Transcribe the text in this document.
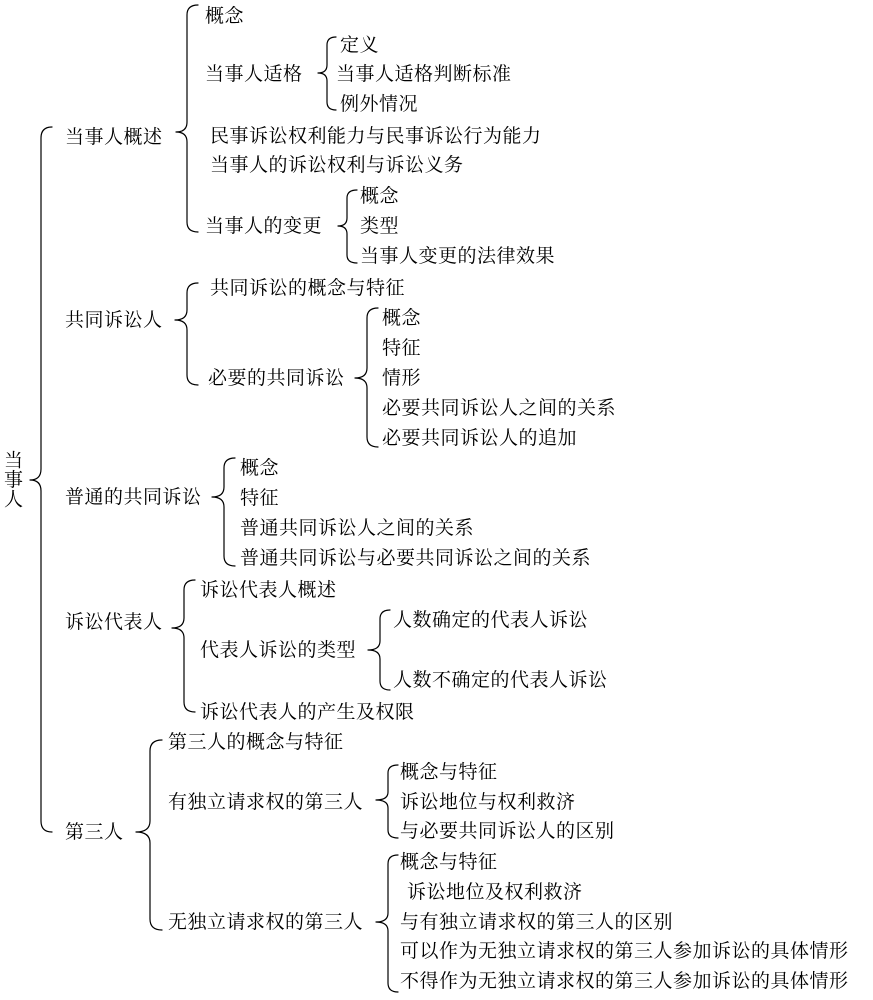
当事人
当事人概述
概念
当事人适格
定义
当事人适格判断标准
例外情况
民事诉讼权利能力与民事诉讼行为能力
当事人的诉讼权利与诉讼义务
当事人的变更
概念
类型
当事人变更的法律效果
共同诉讼人
共同诉讼的概念与特征
必要的共同诉讼
概念
特征
情形
必要共同诉讼人之间的关系
必要共同诉讼人的追加
普通的共同诉讼
概念
特征
普通共同诉讼人之间的关系
普通共同诉讼与必要共同诉讼之间的关系
诉讼代表人
诉讼代表人概述
代表人诉讼的类型
人数确定的代表人诉讼
人数不确定的代表人诉讼
诉讼代表人的产生及权限
第三人
第三人的概念与特征
有独立请求权的第三人
概念与特征
诉讼地位与权利救济
与必要共同诉讼人的区别
无独立请求权的第三人
概念与特征
诉讼地位及权利救济
与有独立请求权的第三人的区别
可以作为无独立请求权的第三人参加诉讼的具体情形
不得作为无独立请求权的第三人参加诉讼的具体情形
